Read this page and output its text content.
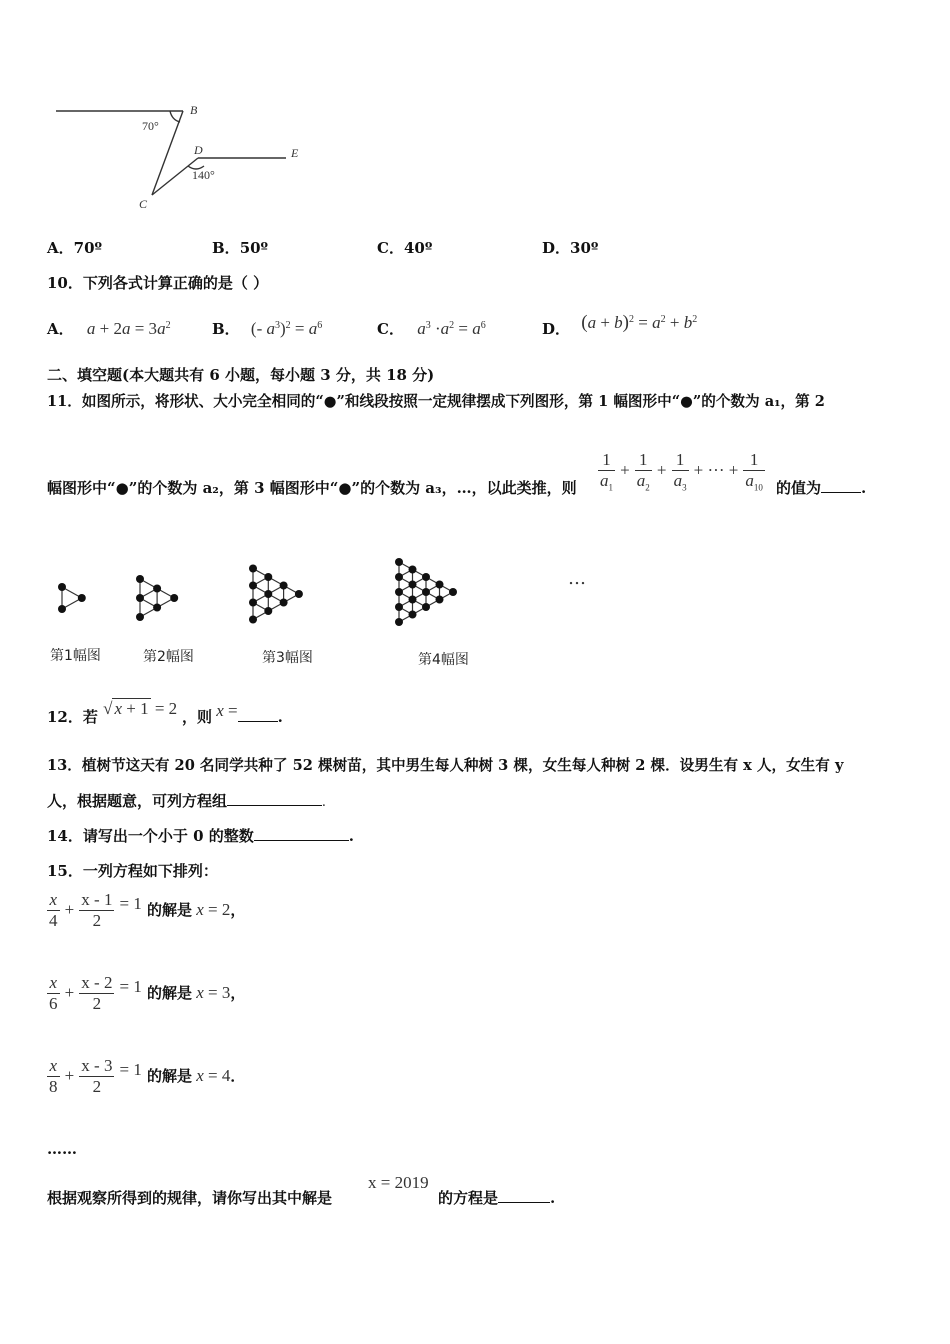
B
D	E
C
70°
140°
A．70º	B．50º	C．40º	D．30º
10．下列各式计算正确的是（ ）
A． $a + 2a = 3a^2$	B． (- $a^3)^2 = a^6$	C． $a^3 \cdot a^2 = a^6$	D． $(a + b)^2 = a^2 + b^2$
二、填空题(本大题共有 6 小题，每小题 3 分，共 18 分)
11．如图所示，将形状、大小完全相同的“●”和线段按照一定规律摆成下列图形，第 1 幅图形中“●”的个数为 a₁，第 2
幅图形中“●”的个数为 a₂，第 3 幅图形中“●”的个数为 a₃，…，以此类推，则 $\frac{1}{a_1} + \frac{1}{a_2} + \frac{1}{a_3}$ + ··· + $\frac{1}{a_{10}}$ 的值为	.
第1幅图	第2幅图	第3幅图	第4幅图
…
12．若 √ x + 1 = 2 ，则 x =	.
13．植树节这天有 20 名同学共种了 52 棵树苗，其中男生每人种树 3 棵，女生每人种树 2 棵．设男生有 x 人，女生有 y
人，根据题意，可列方程组	.
14．请写出一个小于 0 的整数	.
15．一列方程如下排列：
$\frac{x}{4} + \frac{x - 1}{2} = 1$ 的解是 x = 2，
$\frac{x}{6} + \frac{x - 2}{2} = 1$ 的解是 x = 3，
$\frac{x}{8} + \frac{x - 3}{2} = 1$ 的解是 x = 4．
……
根据观察所得到的规律，请你写出其中解是
x = 2019
的方程是	.
